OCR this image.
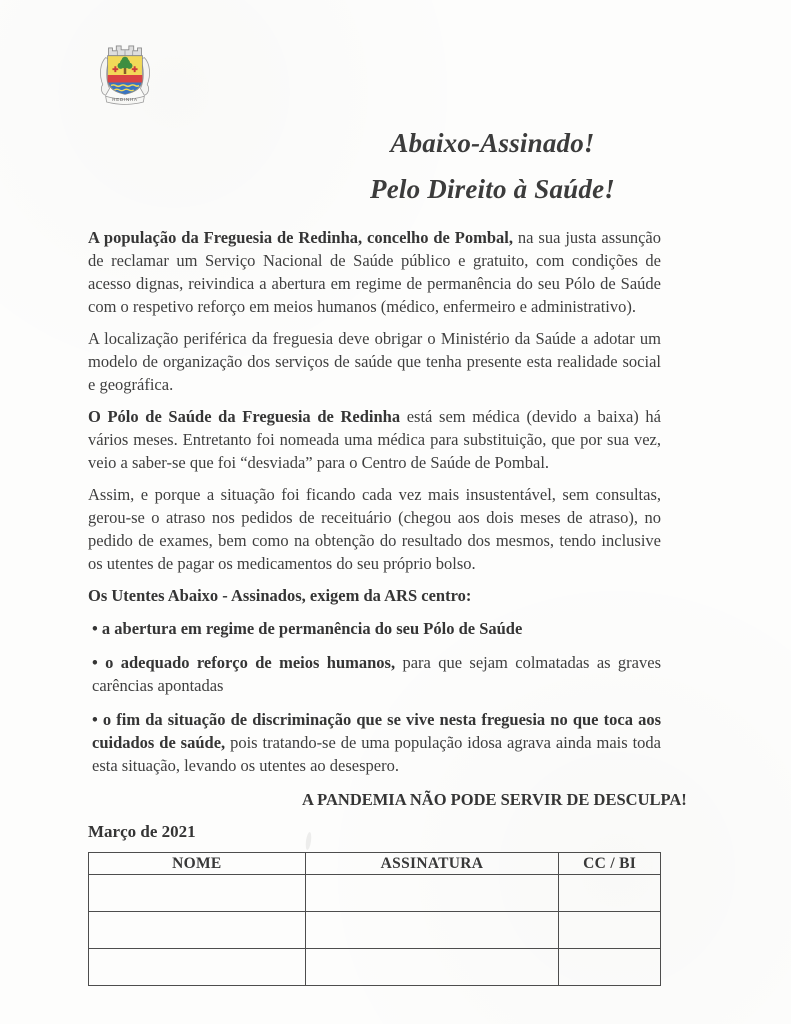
REDINHA
Abaixo-Assinado!
Pelo Direito à Saúde!

A população da Freguesia de Redinha, concelho de Pombal, na sua justa assunção de reclamar um Serviço Nacional de Saúde público e gratuito, com condições de acesso dignas, reivindica a abertura em regime de permanência do seu Pólo de Saúde com o respetivo reforço em meios humanos (médico, enfermeiro e administrativo).

A localização periférica da freguesia deve obrigar o Ministério da Saúde a adotar um modelo de organização dos serviços de saúde que tenha presente esta realidade social e geográfica.

O Pólo de Saúde da Freguesia de Redinha está sem médica (devido a baixa) há vários meses. Entretanto foi nomeada uma médica para substituição, que por sua vez, veio a saber-se que foi “desviada” para o Centro de Saúde de Pombal.

Assim, e porque a situação foi ficando cada vez mais insustentável, sem consultas, gerou-se o atraso nos pedidos de receituário (chegou aos dois meses de atraso), no pedido de exames, bem como na obtenção do resultado dos mesmos, tendo inclusive os utentes de pagar os medicamentos do seu próprio bolso.

Os Utentes Abaixo - Assinados, exigem da ARS centro:

• a abertura em regime de permanência do seu Pólo de Saúde

• o adequado reforço de meios humanos, para que sejam colmatadas as graves carências apontadas

• o fim da situação de discriminação que se vive nesta freguesia no que toca aos cuidados de saúde, pois tratando-se de uma população idosa agrava ainda mais toda esta situação, levando os utentes ao desespero.

A PANDEMIA NÃO PODE SERVIR DE DESCULPA!
Março de 2021
NOME	ASSINATURA	CC / BI
